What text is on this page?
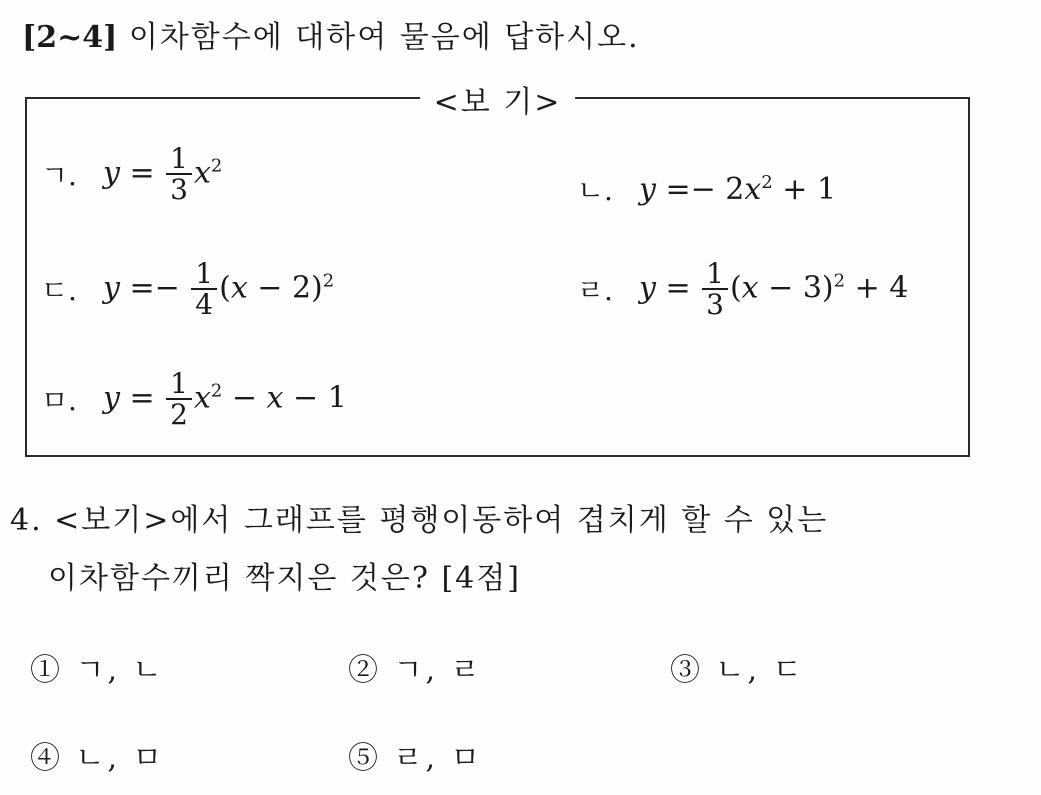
[2~4] 이차함수에 대하여 물음에 답하시오.
<보 기>
ㄱ. $y = \frac{1}{3} x^2$
ㄴ. $y =- 2x^2 + 1$
ㄷ. $y =- \frac{1}{4} (x - 2)^2$	ㄹ. $y = \frac{1}{3} (x - 3)^2 + 4$
ㅁ. $y = \frac{1}{2} x^2 - x - 1$
4. <보기>에서 그래프를 평행이동하여 겹치게 할 수 있는
이차함수끼리 짝지은 것은? [4점]
① ㄱ, ㄴ	② ㄱ, ㄹ	③ ㄴ, ㄷ
④ ㄴ, ㅁ	⑤ ㄹ, ㅁ
